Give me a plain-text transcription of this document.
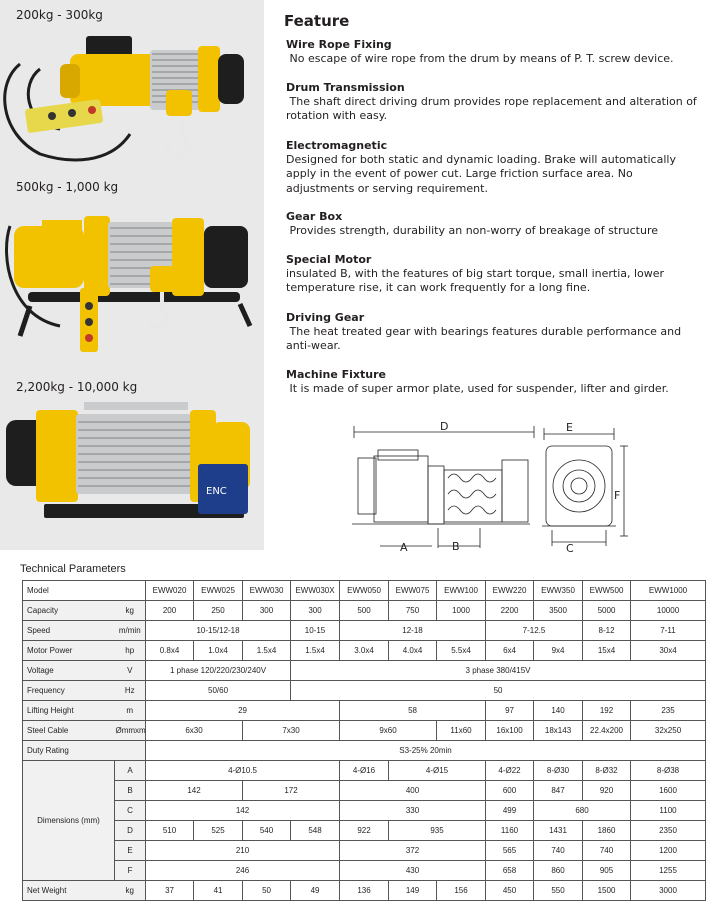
200kg - 300kg
500kg - 1,000 kg
2,200kg - 10,000 kg
ENC
Feature
Wire Rope Fixing

No escape of wire rope from the drum by means of P. T. screw device.

Drum Transmission

The shaft direct driving drum provides rope replacement and alteration of rotation with easy.

Electromagnetic

Designed for both static and dynamic loading. Brake will automatically apply in the event of power cut. Large friction surface area. No adjustments or serving requirement.

Gear Box

Provides strength, durability an non-worry of breakage of structure

Special Motor

insulated B, with the features of big start torque, small inertia, lower temperature rise, it can work frequently for a long fine.

Driving Gear

The heat treated gear with bearings features durable performance and anti-wear.

Machine Fixture

It is made of super armor plate, used for suspender, lifter and girder.

D	E
F
A	B	C
Technical Parameters
Model		EWW020	EWW025	EWW030	EWW030X	EWW050	EWW075	EWW100	EWW220	EWW350	EWW500	EWW1000
Capacity	kg	200	250	300	300	500	750	1000	2200	3500	5000	10000
Speed	m/min	10-15/12-18			10-15	12-18			7-12.5		8-12	7-11
Motor Power	hp	0.8x4	1.0x4	1.5x4	1.5x4	3.0x4	4.0x4	5.5x4	6x4	9x4	15x4	30x4
Voltage	V	1 phase 120/220/230/240V			3 phase 380/415V							
Frequency	Hz	50/60			50							
Lifting Height	m	29				58			97	140	192	235
Steel Cable	Ømmxm	6x30		7x30		9x60		11x60	16x100	18x143	22.4x200	32x250
Duty Rating		S3-25% 20min										
Dimensions (mm)	A	4-Ø10.5				4-Ø16	4-Ø15		4-Ø22	8-Ø30	8-Ø32	8-Ø38
	B	142		172		400			600	847	920	1600
	C	142				330			499	680		1100
	D	510	525	540	548	922	935		1160	1431	1860	2350
	E	210				372			565	740	740	1200
	F	246				430			658	860	905	1255
Net Weight	kg	37	41	50	49	136	149	156	450	550	1500	3000
